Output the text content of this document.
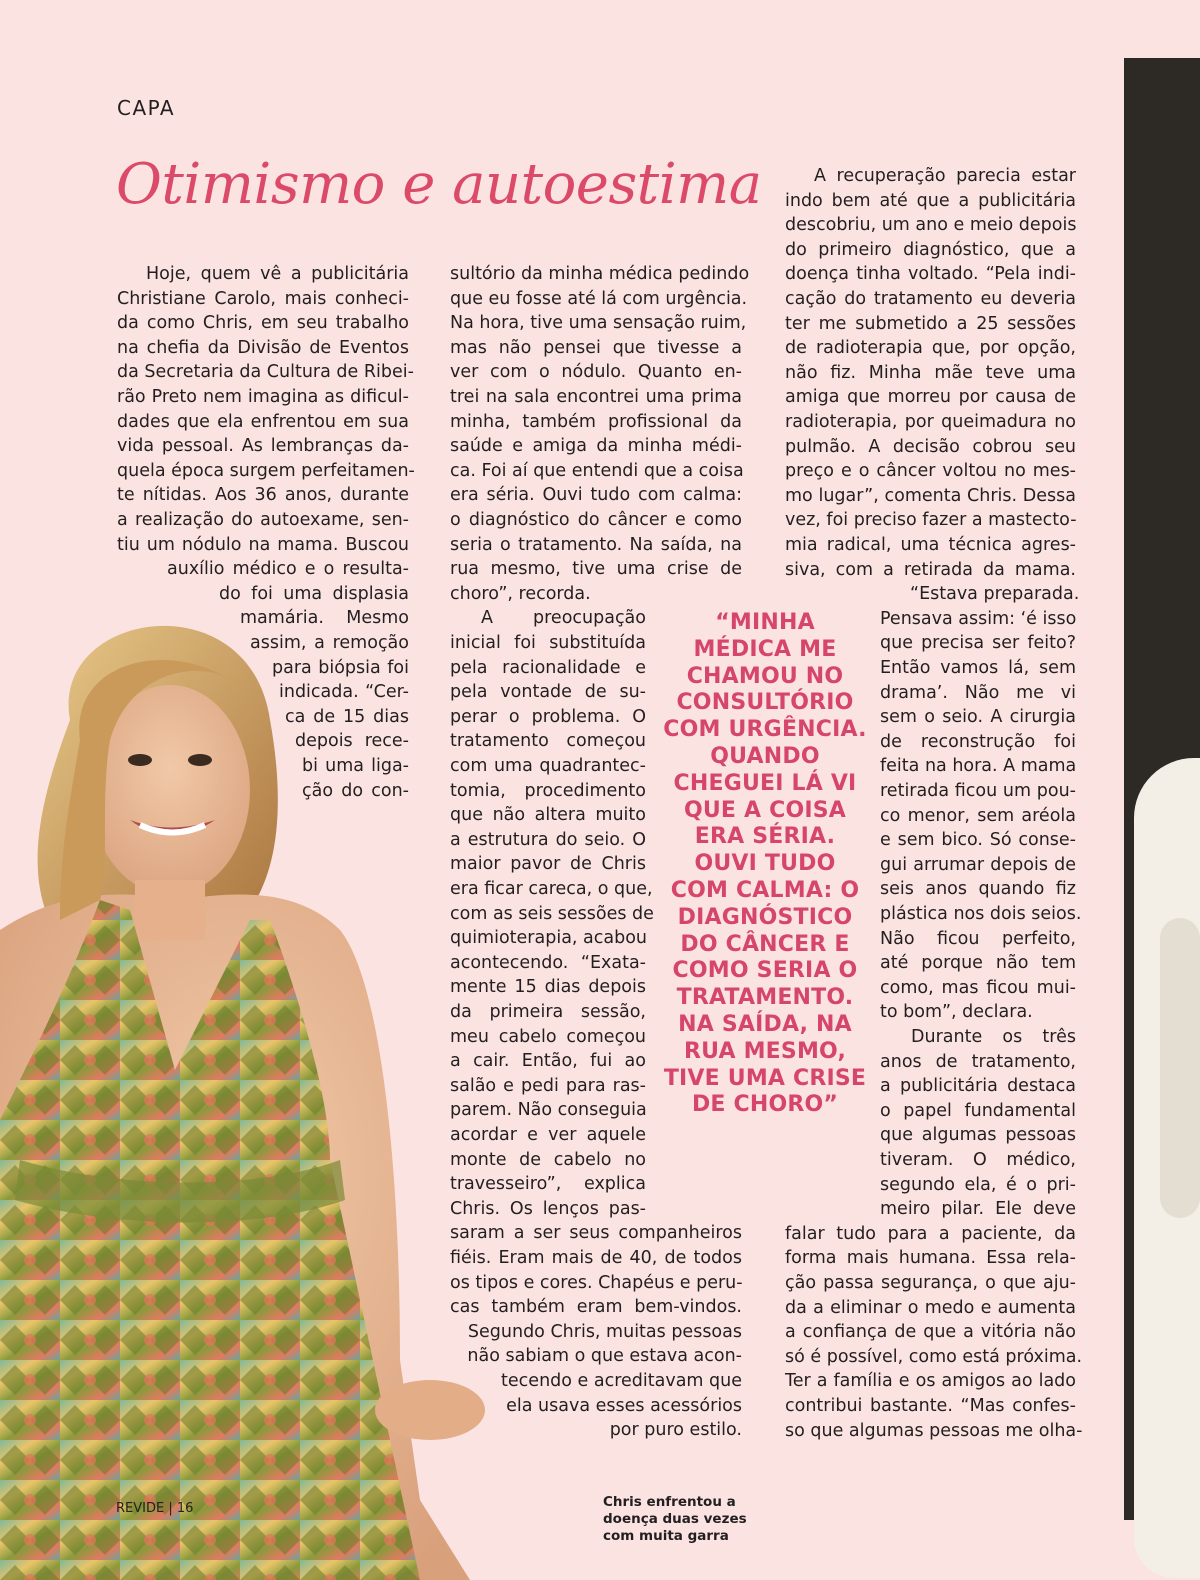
CAPA
Otimismo e autoestima
Hoje, quem vê a publicitária
Christiane Carolo, mais conheci-
da como Chris, em seu trabalho
na chefia da Divisão de Eventos
da Secretaria da Cultura de Ribei-
rão Preto nem imagina as dificul-
dades que ela enfrentou em sua
vida pessoal. As lembranças da-
quela época surgem perfeitamen-
te nítidas. Aos 36 anos, durante
a realização do autoexame, sen-
tiu um nódulo na mama. Buscou
auxílio médico e o resulta-
do foi uma displasia
mamária. Mesmo
assim, a remoção
para biópsia foi
indicada. “Cer-
ca de 15 dias
depois rece-
bi uma liga-
ção do con-
sultório da minha médica pedindo
que eu fosse até lá com urgência.
Na hora, tive uma sensação ruim,
mas não pensei que tivesse a
ver com o nódulo. Quanto en-
trei na sala encontrei uma prima
minha, também profissional da
saúde e amiga da minha médi-
ca. Foi aí que entendi que a coisa
era séria. Ouvi tudo com calma:
o diagnóstico do câncer e como
seria o tratamento. Na saída, na
rua mesmo, tive uma crise de
choro”, recorda.
A preocupação
inicial foi substituída
pela racionalidade e
pela vontade de su-
perar o problema. O
tratamento começou
com uma quadrantec-
tomia, procedimento
que não altera muito
a estrutura do seio. O
maior pavor de Chris
era ficar careca, o que,
com as seis sessões de
quimioterapia, acabou
acontecendo. “Exata-
mente 15 dias depois
da primeira sessão,
meu cabelo começou
a cair. Então, fui ao
salão e pedi para ras-
parem. Não conseguia
acordar e ver aquele
monte de cabelo no
travesseiro”, explica
Chris. Os lenços pas-
saram a ser seus companheiros
fiéis. Eram mais de 40, de todos
os tipos e cores. Chapéus e peru-
cas também eram bem-vindos.
Segundo Chris, muitas pessoas
não sabiam o que estava acon-
tecendo e acreditavam que
ela usava esses acessórios
por puro estilo.
A recuperação parecia estar
indo bem até que a publicitária
descobriu, um ano e meio depois
do primeiro diagnóstico, que a
doença tinha voltado. “Pela indi-
cação do tratamento eu deveria
ter me submetido a 25 sessões
de radioterapia que, por opção,
não fiz. Minha mãe teve uma
amiga que morreu por causa de
radioterapia, por queimadura no
pulmão. A decisão cobrou seu
preço e o câncer voltou no mes-
mo lugar”, comenta Chris. Dessa
vez, foi preciso fazer a mastecto-
mia radical, uma técnica agres-
siva, com a retirada da mama.
“Estava preparada.
Pensava assim: ‘é isso
que precisa ser feito?
Então vamos lá, sem
drama’. Não me vi
sem o seio. A cirurgia
de reconstrução foi
feita na hora. A mama
retirada ficou um pou-
co menor, sem aréola
e sem bico. Só conse-
gui arrumar depois de
seis anos quando fiz
plástica nos dois seios.
Não ficou perfeito,
até porque não tem
como, mas ficou mui-
to bom”, declara.
Durante os três
anos de tratamento,
a publicitária destaca
o papel fundamental
que algumas pessoas
tiveram. O médico,
segundo ela, é o pri-
meiro pilar. Ele deve
falar tudo para a paciente, da
forma mais humana. Essa rela-
ção passa segurança, o que aju-
da a eliminar o medo e aumenta
a confiança de que a vitória não
só é possível, como está próxima.
Ter a família e os amigos ao lado
contribui bastante. “Mas confes-
so que algumas pessoas me olha-

“MINHA MÉDICA ME CHAMOU NO CONSULTÓRIO COM URGÊNCIA. QUANDO CHEGUEI LÁ VI QUE A COISA ERA SÉRIA. OUVI TUDO COM CALMA: O DIAGNÓSTICO DO CÂNCER E COMO SERIA O TRATAMENTO. NA SAÍDA, NA RUA MESMO, TIVE UMA CRISE DE CHORO”

REVIDE | 16	Chris enfrentou a doença duas vezes com muita garra
